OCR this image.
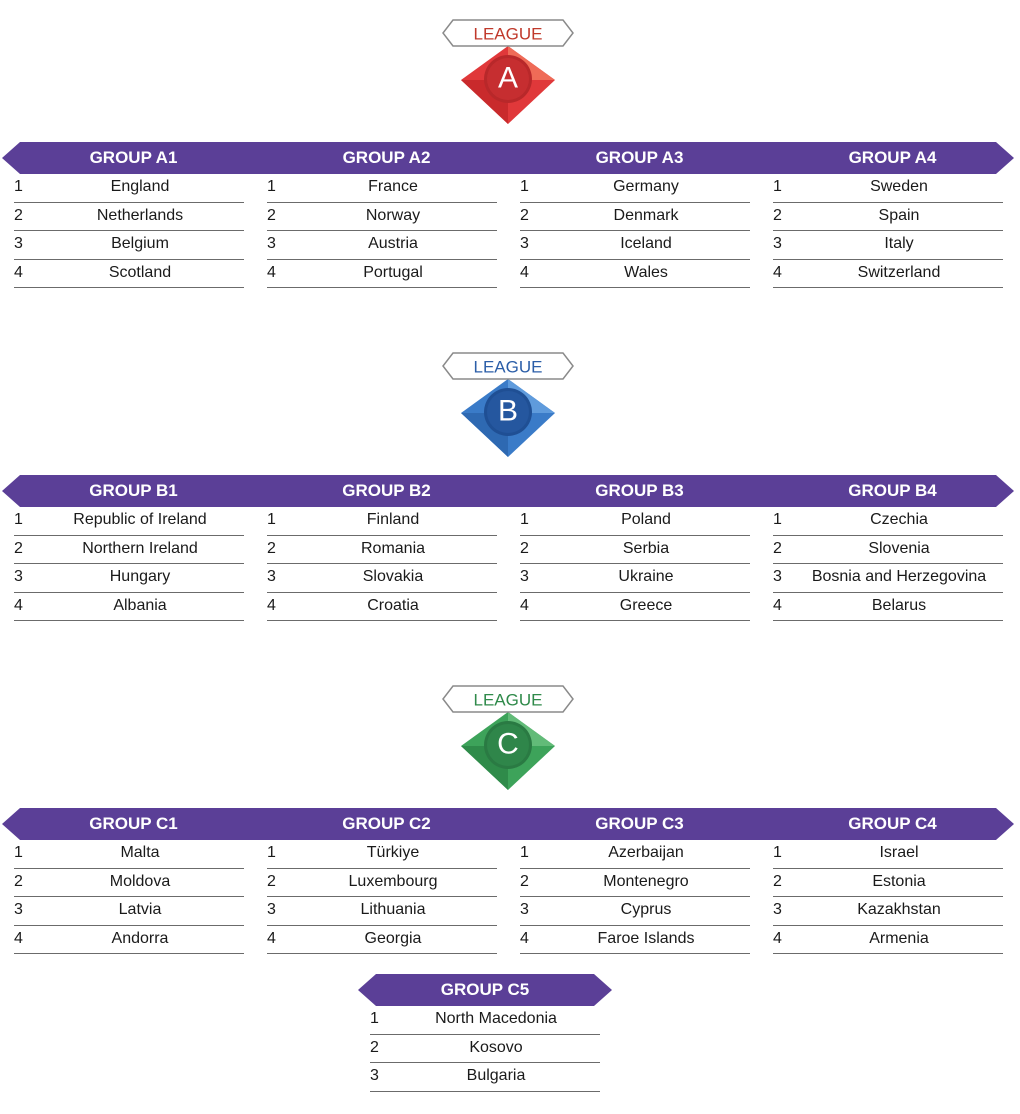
A
LEAGUE
GROUP A1	GROUP A2	GROUP A3	GROUP A4
1	England
2	Netherlands
3	Belgium
4	Scotland
1	France
2	Norway
3	Austria
4	Portugal
1	Germany
2	Denmark
3	Iceland
4	Wales
1	Sweden
2	Spain
3	Italy
4	Switzerland
B
LEAGUE
GROUP B1	GROUP B2	GROUP B3	GROUP B4
1	Republic of Ireland
2	Northern Ireland
3	Hungary
4	Albania
1	Finland
2	Romania
3	Slovakia
4	Croatia
1	Poland
2	Serbia
3	Ukraine
4	Greece
1	Czechia
2	Slovenia
3	Bosnia and Herzegovina
4	Belarus
C
LEAGUE
GROUP C1	GROUP C2	GROUP C3	GROUP C4
1	Malta
2	Moldova
3	Latvia
4	Andorra
1	Türkiye
2	Luxembourg
3	Lithuania
4	Georgia
1	Azerbaijan
2	Montenegro
3	Cyprus
4	Faroe Islands
1	Israel
2	Estonia
3	Kazakhstan
4	Armenia
GROUP C5
1	North Macedonia
2	Kosovo
3	Bulgaria
